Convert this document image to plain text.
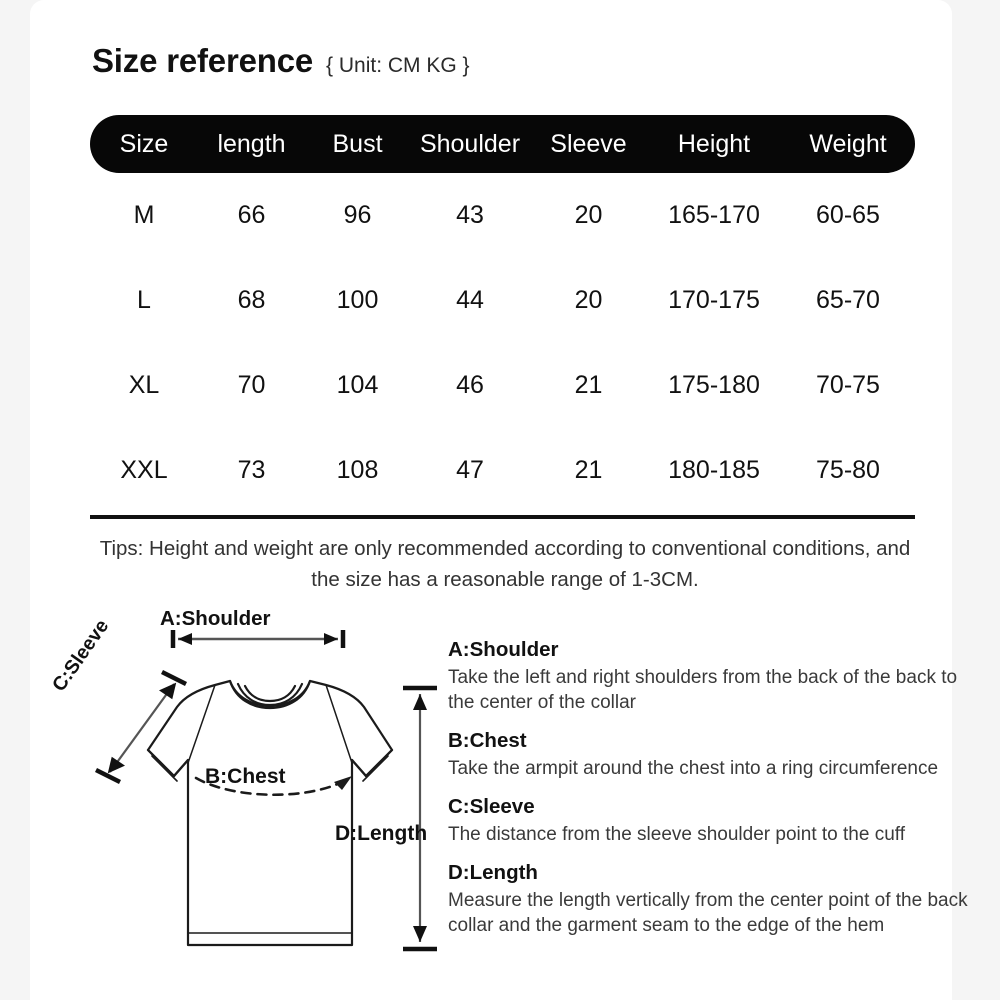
Size reference { Unit: CM KG }
Size	length	Bust	Shoulder	Sleeve	Height	Weight
M	66	96	43	20	165-170	60-65
L	68	100	44	20	170-175	65-70
XL	70	104	46	21	175-180	70-75
XXL	73	108	47	21	180-185	75-80
Tips: Height and weight are only recommended according to conventional conditions, and the size has a reasonable range of 1-3CM.
A:Shoulder
C:Sleeve
B:Chest
D:Length
A:Shoulder
Take the left and right shoulders from the back of the back to the center of the collar
B:Chest
Take the armpit around the chest into a ring circumference
C:Sleeve
The distance from the sleeve shoulder point to the cuff
D:Length
Measure the length vertically from the center point of the back collar and the garment seam to the edge of the hem
